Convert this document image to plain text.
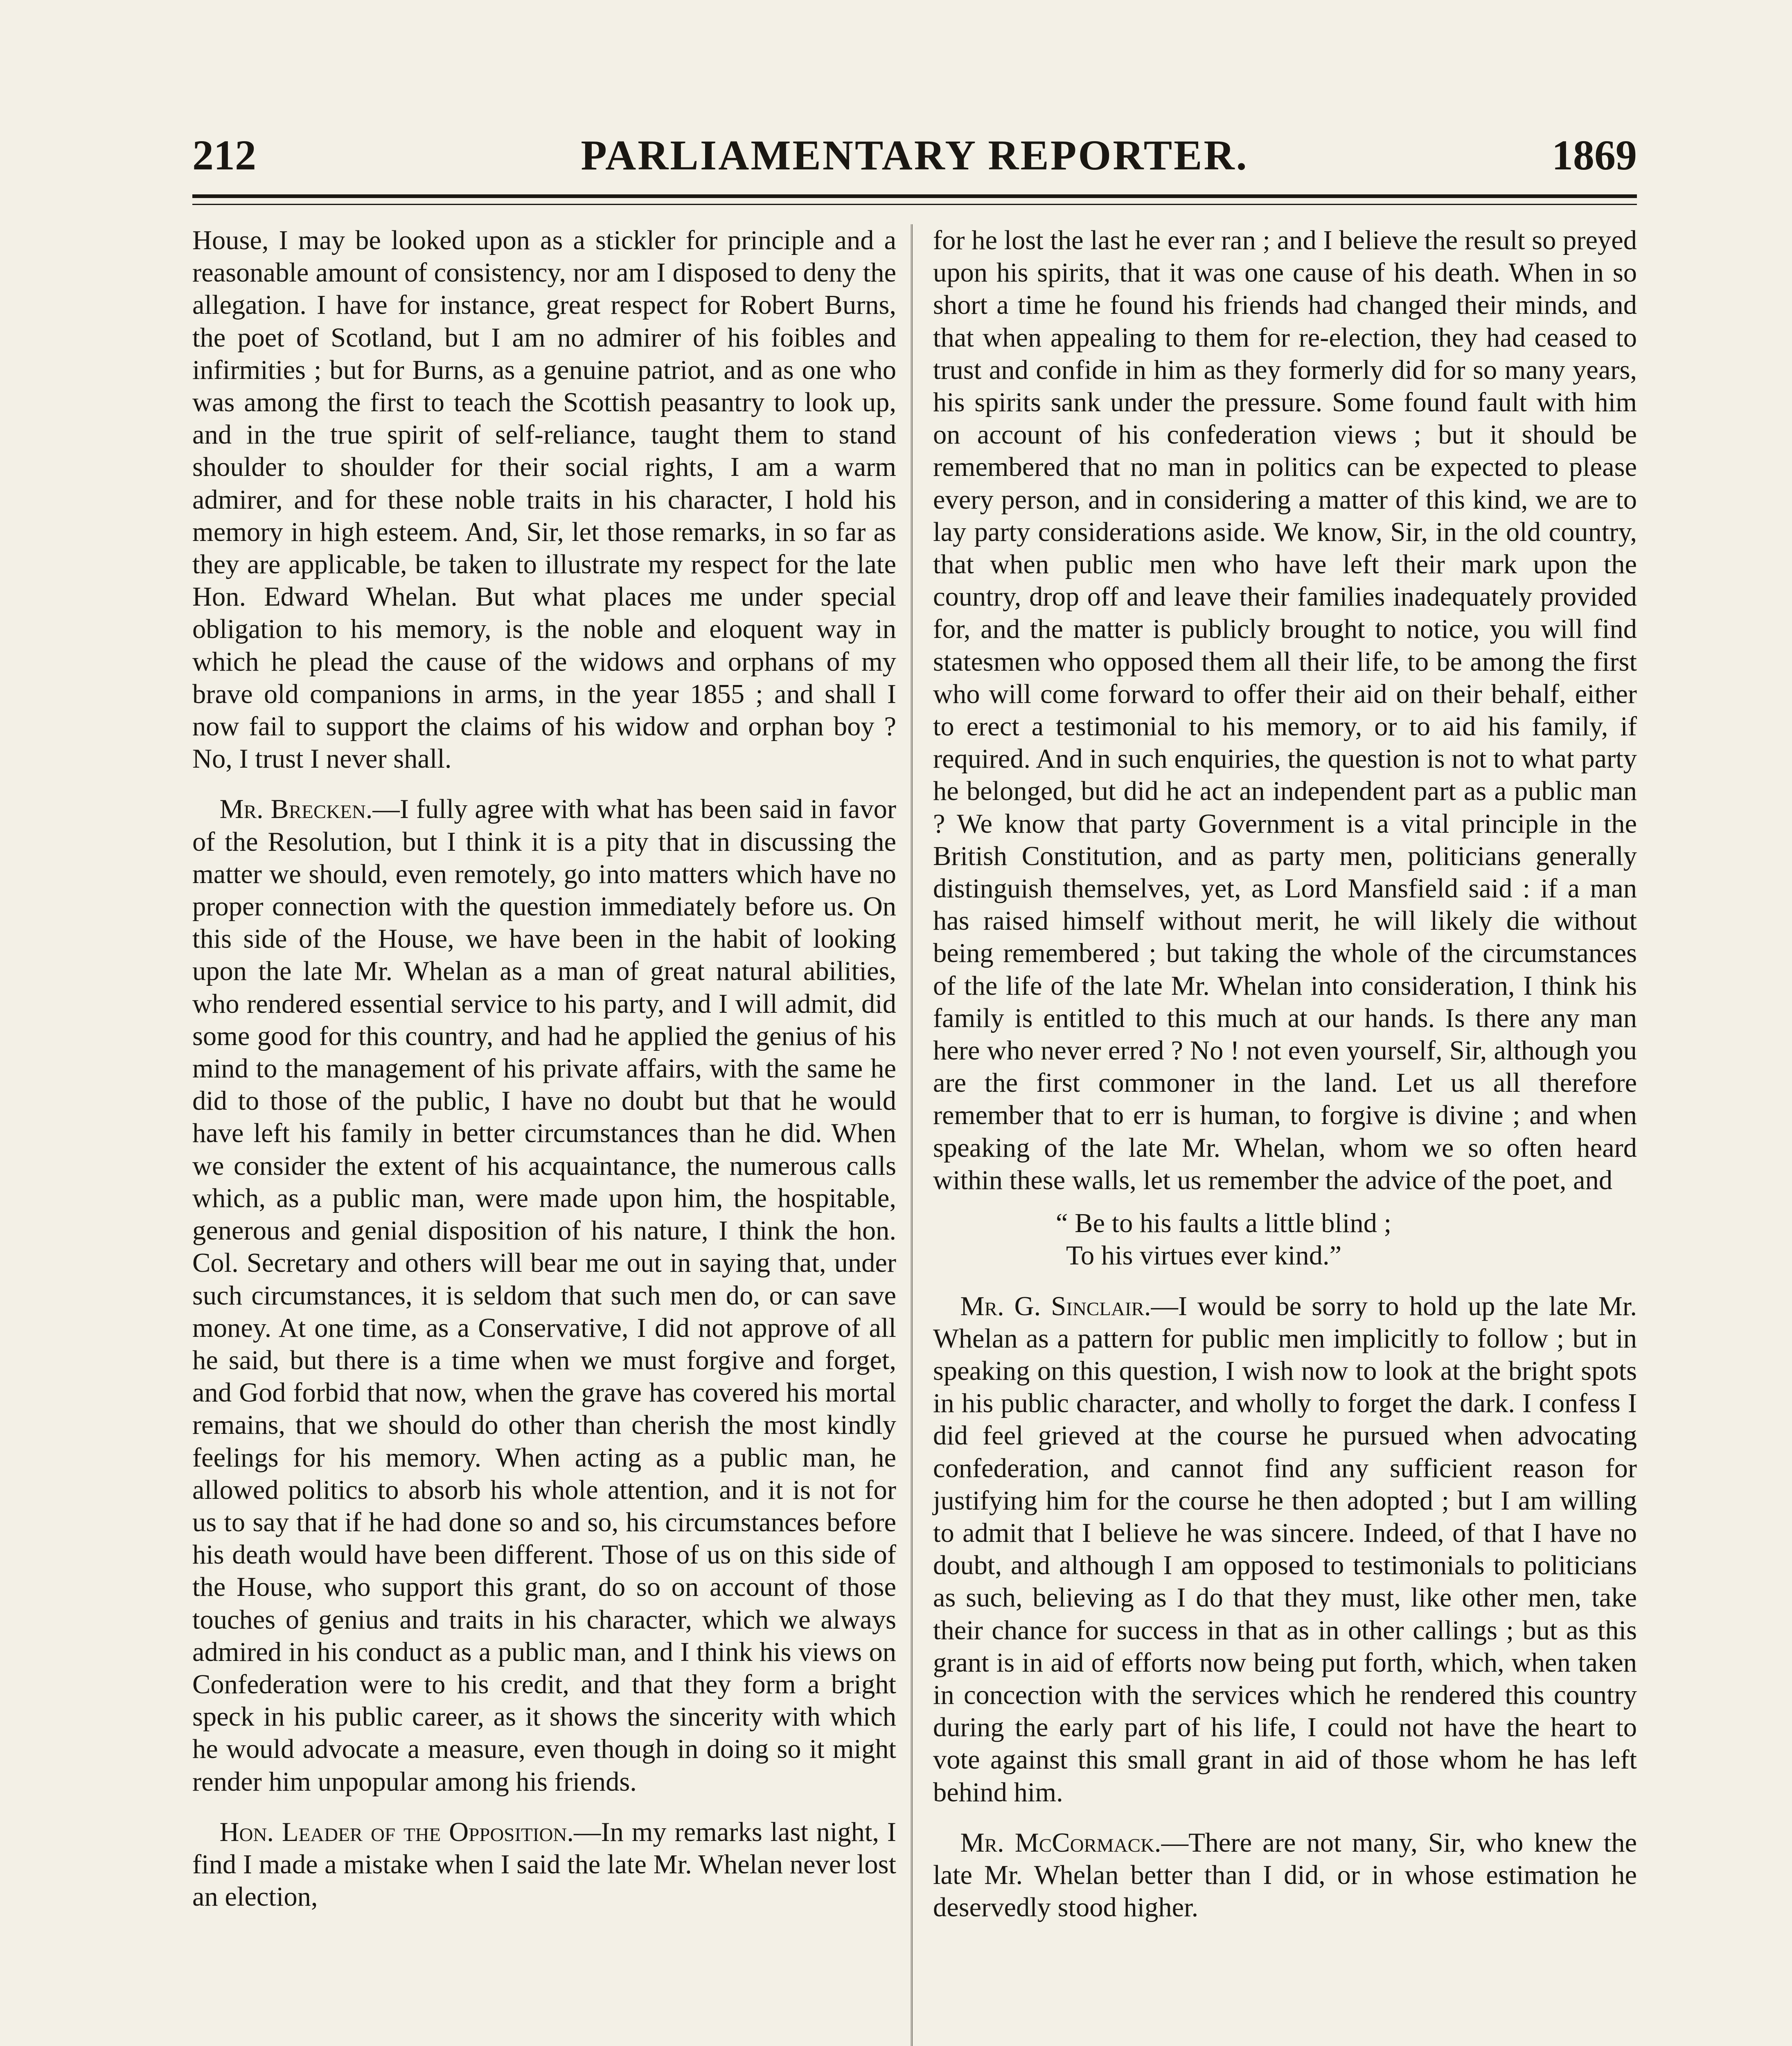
212	PARLIAMENTARY REPORTER.	1869

House, I may be looked upon as a stickler for principle and a reasonable amount of consistency, nor am I disposed to deny the allegation. I have for instance, great respect for Robert Burns, the poet of Scotland, but I am no admirer of his foibles and infirmities ; but for Burns, as a genuine patriot, and as one who was among the first to teach the Scottish peasantry to look up, and in the true spirit of self-reliance, taught them to stand shoulder to shoulder for their social rights, I am a warm admirer, and for these noble traits in his character, I hold his memory in high esteem. And, Sir, let those remarks, in so far as they are applicable, be taken to illustrate my respect for the late Hon. Edward Whelan. But what places me under special obligation to his memory, is the noble and eloquent way in which he plead the cause of the widows and orphans of my brave old companions in arms, in the year 1855 ; and shall I now fail to support the claims of his widow and orphan boy ? No, I trust I never shall.

 Mr. Brecken.—I fully agree with what has been said in favor of the Resolution, but I think it is a pity that in discussing the matter we should, even remotely, go into matters which have no proper connection with the question immediately before us. On this side of the House, we have been in the habit of looking upon the late Mr. Whelan as a man of great natural abilities, who rendered essential service to his party, and I will admit, did some good for this country, and had he applied the genius of his mind to the management of his private affairs, with the same he did to those of the public, I have no doubt but that he would have left his family in better circumstances than he did. When we consider the extent of his acquaintance, the numerous calls which, as a public man, were made upon him, the hospitable, generous and genial disposition of his nature, I think the hon. Col. Secretary and others will bear me out in saying that, under such circumstances, it is seldom that such men do, or can save money. At one time, as a Conservative, I did not approve of all he said, but there is a time when we must forgive and forget, and God forbid that now, when the grave has covered his mortal remains, that we should do other than cherish the most kindly feelings for his memory. When acting as a public man, he allowed politics to absorb his whole attention, and it is not for us to say that if he had done so and so, his circumstances before his death would have been different. Those of us on this side of the House, who support this grant, do so on account of those touches of genius and traits in his character, which we always admired in his conduct as a public man, and I think his views on Confederation were to his credit, and that they form a bright speck in his public career, as it shows the sincerity with which he would advocate a measure, even though in doing so it might render him unpopular among his friends.

 Hon. Leader of the Opposition.—In my remarks last night, I find I made a mistake when I said the late Mr. Whelan never lost an election,

for he lost the last he ever ran ; and I believe the result so preyed upon his spirits, that it was one cause of his death. When in so short a time he found his friends had changed their minds, and that when appealing to them for re-election, they had ceased to trust and confide in him as they formerly did for so many years, his spirits sank under the pressure. Some found fault with him on account of his confederation views ; but it should be remembered that no man in politics can be expected to please every person, and in considering a matter of this kind, we are to lay party considerations aside. We know, Sir, in the old country, that when public men who have left their mark upon the country, drop off and leave their families inadequately provided for, and the matter is publicly brought to notice, you will find statesmen who opposed them all their life, to be among the first who will come forward to offer their aid on their behalf, either to erect a testimonial to his memory, or to aid his family, if required. And in such enquiries, the question is not to what party he belonged, but did he act an independent part as a public man ? We know that party Government is a vital principle in the British Constitution, and as party men, politicians generally distinguish themselves, yet, as Lord Mansfield said : if a man has raised himself without merit, he will likely die without being remembered ; but taking the whole of the circumstances of the life of the late Mr. Whelan into consideration, I think his family is entitled to this much at our hands. Is there any man here who never erred ? No ! not even yourself, Sir, although you are the first commoner in the land. Let us all therefore remember that to err is human, to forgive is divine ; and when speaking of the late Mr. Whelan, whom we so often heard within these walls, let us remember the advice of the poet, and

“ Be to his faults a little blind ;
To his virtues ever kind.”

 Mr. G. Sinclair.—I would be sorry to hold up the late Mr. Whelan as a pattern for public men implicitly to follow ; but in speaking on this question, I wish now to look at the bright spots in his public character, and wholly to forget the dark. I confess I did feel grieved at the course he pursued when advocating confederation, and cannot find any sufficient reason for justifying him for the course he then adopted ; but I am willing to admit that I believe he was sincere. Indeed, of that I have no doubt, and although I am opposed to testimonials to politicians as such, believing as I do that they must, like other men, take their chance for success in that as in other callings ; but as this grant is in aid of efforts now being put forth, which, when taken in concection with the services which he rendered this country during the early part of his life, I could not have the heart to vote against this small grant in aid of those whom he has left behind him.

 Mr. McCormack.—There are not many, Sir, who knew the late Mr. Whelan better than I did, or in whose estimation he deservedly stood higher.
